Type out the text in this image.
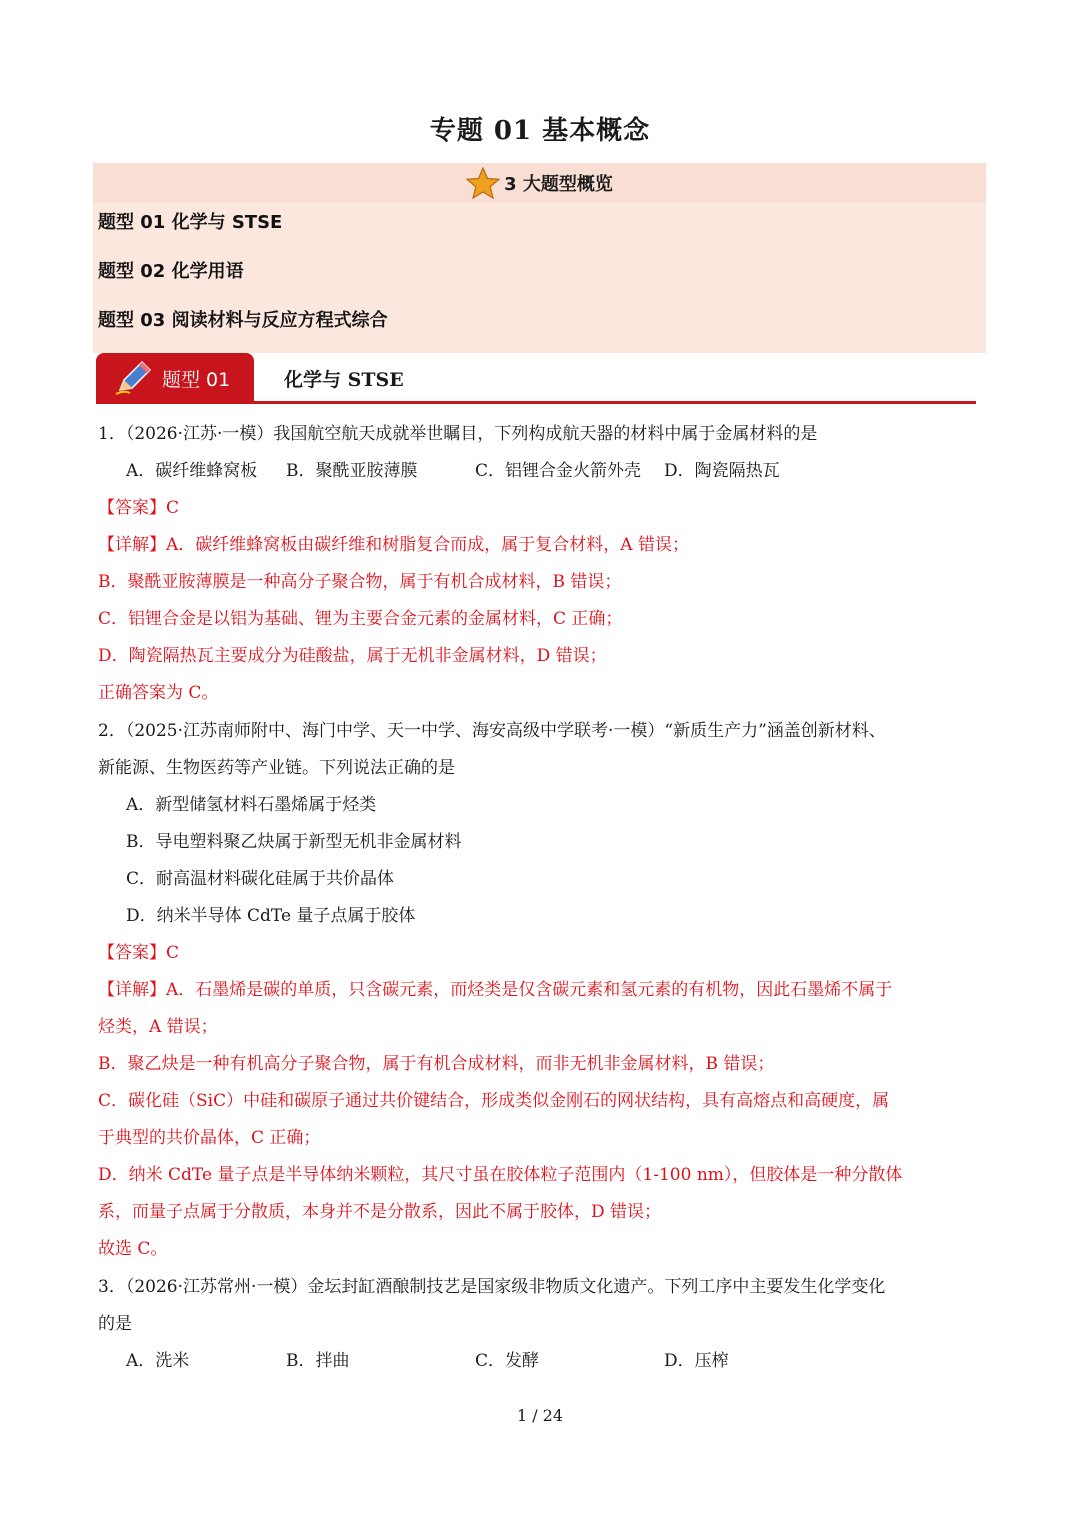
专题 01 基本概念
3 大题型概览
题型 01 化学与 STSE
题型 02 化学用语
题型 03 阅读材料与反应方程式综合
题型 01	化学与 STSE
1．（2026·江苏·一模）我国航空航天成就举世瞩目，下列构成航天器的材料中属于金属材料的是
A．碳纤维蜂窝板 B．聚酰亚胺薄膜	C．铝锂合金火箭外壳 D．陶瓷隔热瓦
【答案】C
【详解】A．碳纤维蜂窝板由碳纤维和树脂复合而成，属于复合材料，A 错误；
B．聚酰亚胺薄膜是一种高分子聚合物，属于有机合成材料，B 错误；
C．铝锂合金是以铝为基础、锂为主要合金元素的金属材料，C 正确；
D．陶瓷隔热瓦主要成分为硅酸盐，属于无机非金属材料，D 错误；
正确答案为 C。
2．（2025·江苏南师附中、海门中学、天一中学、海安高级中学联考·一模）“新质生产力”涵盖创新材料、
新能源、生物医药等产业链。下列说法正确的是
A．新型储氢材料石墨烯属于烃类
B．导电塑料聚乙炔属于新型无机非金属材料
C．耐高温材料碳化硅属于共价晶体
D．纳米半导体 CdTe 量子点属于胶体
【答案】C
【详解】A．石墨烯是碳的单质，只含碳元素，而烃类是仅含碳元素和氢元素的有机物，因此石墨烯不属于
烃类，A 错误；
B．聚乙炔是一种有机高分子聚合物，属于有机合成材料，而非无机非金属材料，B 错误；
C．碳化硅（SiC）中硅和碳原子通过共价键结合，形成类似金刚石的网状结构，具有高熔点和高硬度，属
于典型的共价晶体，C 正确；
D．纳米 CdTe 量子点是半导体纳米颗粒，其尺寸虽在胶体粒子范围内（1-100 nm），但胶体是一种分散体
系，而量子点属于分散质，本身并不是分散系，因此不属于胶体，D 错误；
故选 C。
3．（2026·江苏常州·一模）金坛封缸酒酿制技艺是国家级非物质文化遗产。下列工序中主要发生化学变化
的是
A．洗米	B．拌曲	C．发酵	D．压榨
1 / 24
